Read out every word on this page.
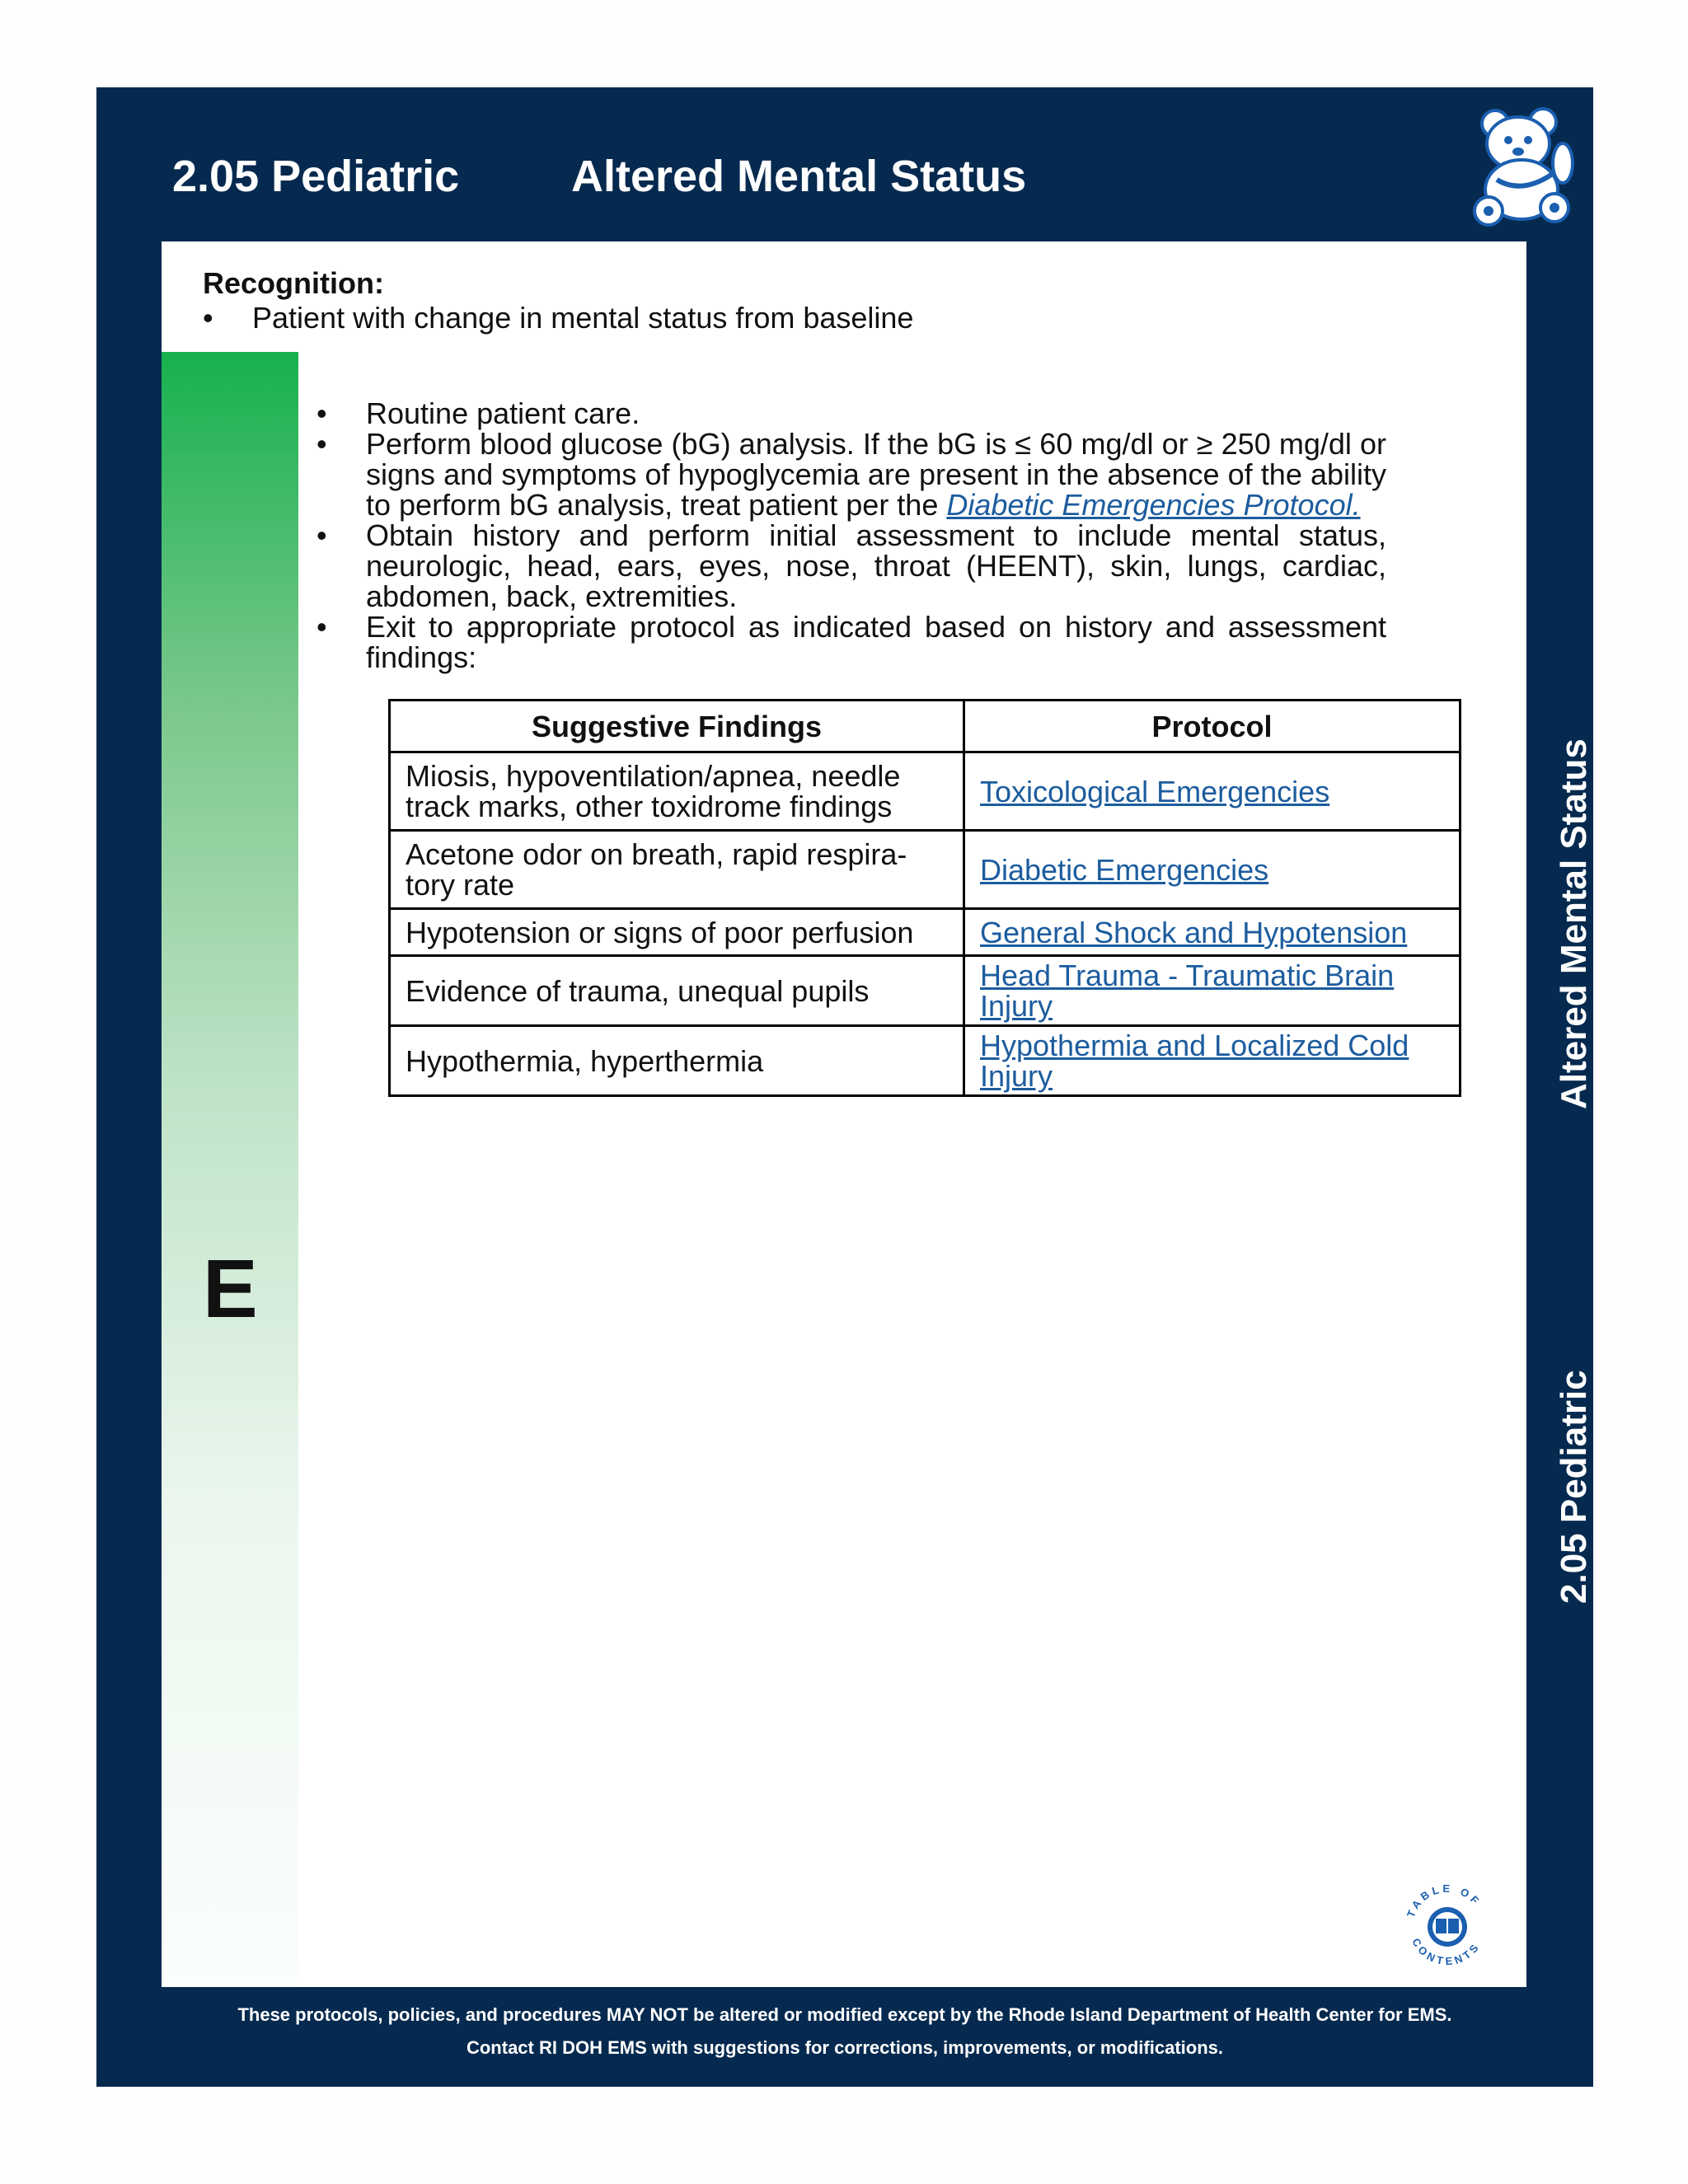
2.05 Pediatric	Altered Mental Status
Recognition:
• Patient with change in mental status from baseline
E
• Routine patient care.
• Perform blood glucose (bG) analysis. If the bG is ≤ 60 mg/dl or ≥ 250 mg/dl or signs and symptoms of hypoglycemia are present in the absence of the ability to perform bG analysis, treat patient per the Diabetic Emergencies Protocol.
• Obtain history and perform initial assessment to include mental status, neurologic, head, ears, eyes, nose, throat (HEENT), skin, lungs, cardiac, abdomen, back, extremities.
• Exit to appropriate protocol as indicated based on history and assessment findings:
Suggestive Findings	Protocol
Miosis, hypoventilation/apnea, needle track marks, other toxidrome findings	Toxicological Emergencies
Acetone odor on breath, rapid respira-tory rate	Diabetic Emergencies
Hypotension or signs of poor perfusion	General Shock and Hypotension
Evidence of trauma, unequal pupils	Head Trauma - Traumatic Brain Injury
Hypothermia, hyperthermia	Hypothermia and Localized Cold Injury
TABLE OF
CONTENTS
Altered Mental Status
2.05 Pediatric
These protocols, policies, and procedures MAY NOT be altered or modified except by the Rhode Island Department of Health Center for EMS.
Contact RI DOH EMS with suggestions for corrections, improvements, or modifications.
